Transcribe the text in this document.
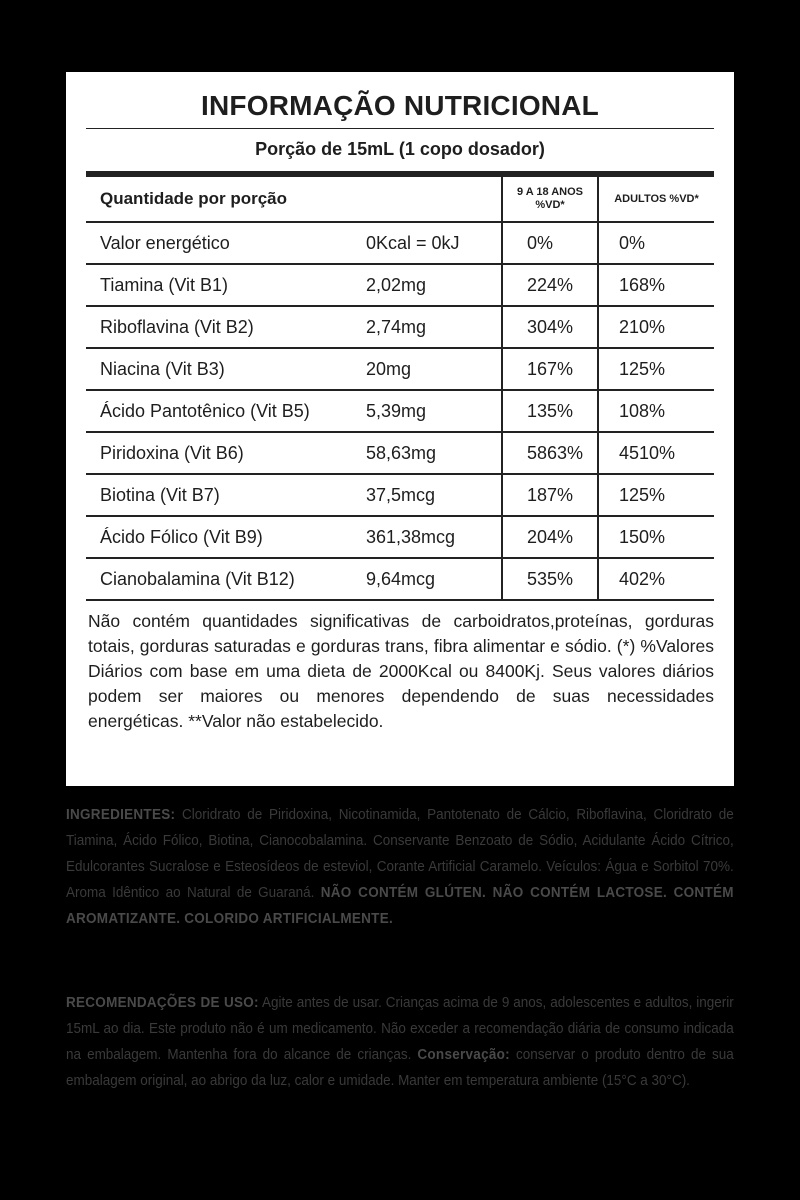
INFORMAÇÃO NUTRICIONAL
Porção de 15mL (1 copo dosador)
Quantidade por porção		9 A 18 ANOS %VD*	ADULTOS %VD*
Valor energético	0Kcal = 0kJ	0%	0%
Tiamina (Vit B1)	2,02mg	224%	168%
Riboflavina (Vit B2)	2,74mg	304%	210%
Niacina (Vit B3)	20mg	167%	125%
Ácido Pantotênico (Vit B5)	5,39mg	135%	108%
Piridoxina (Vit B6)	58,63mg	5863%	4510%
Biotina (Vit B7)	37,5mcg	187%	125%
Ácido Fólico (Vit B9)	361,38mcg	204%	150%
Cianobalamina (Vit B12)	9,64mcg	535%	402%
Não contém quantidades significativas de carboidratos,proteínas, gorduras totais, gorduras saturadas e gorduras trans, fibra alimentar e sódio. (*) %Valores Diários com base em uma dieta de 2000Kcal ou 8400Kj. Seus valores diários podem ser maiores ou menores dependendo de suas necessidades energéticas. **Valor não estabelecido.
INGREDIENTES: Cloridrato de Piridoxina, Nicotinamida, Pantotenato de Cálcio, Riboflavina, Cloridrato de Tiamina, Ácido Fólico, Biotina, Cianocobalamina. Conservante Benzoato de Sódio, Acidulante Ácido Cítrico, Edulcorantes Sucralose e Esteosídeos de esteviol, Corante Artificial Caramelo. Veículos: Água e Sorbitol 70%. Aroma Idêntico ao Natural de Guaraná. NÃO CONTÉM GLÚTEN. NÃO CONTÉM LACTOSE. CONTÉM AROMATIZANTE. COLORIDO ARTIFICIALMENTE.
RECOMENDAÇÕES DE USO: Agite antes de usar. Crianças acima de 9 anos, adolescentes e adultos, ingerir 15mL ao dia. Este produto não é um medicamento. Não exceder a recomendação diária de consumo indicada na embalagem. Mantenha fora do alcance de crianças. Conservação: conservar o produto dentro de sua embalagem original, ao abrigo da luz, calor e umidade. Manter em temperatura ambiente (15°C a 30°C).
